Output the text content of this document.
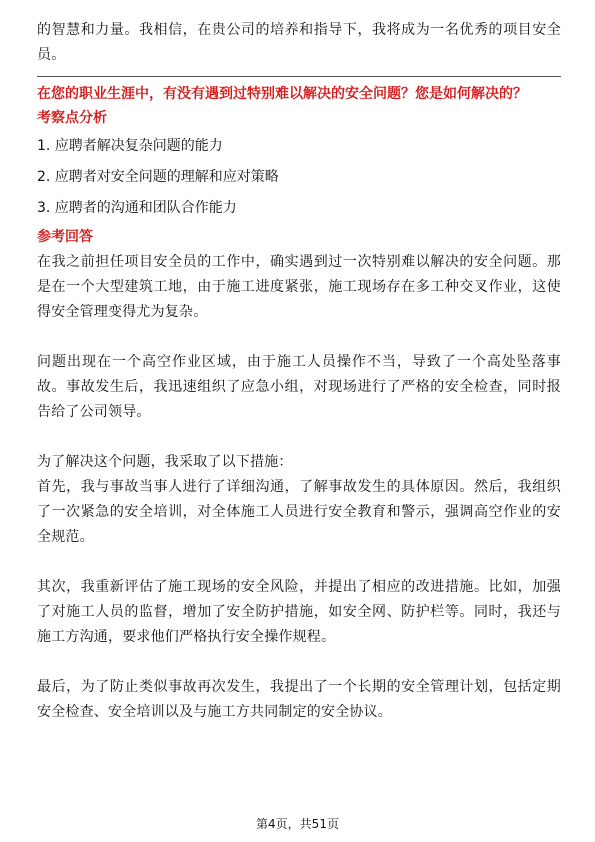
的智慧和力量。我相信，在贵公司的培养和指导下，我将成为一名优秀的项目安全员。

在您的职业生涯中，有没有遇到过特别难以解决的安全问题？您是如何解决的？

考察点分析

1. 应聘者解决复杂问题的能力
2. 应聘者对安全问题的理解和应对策略
3. 应聘者的沟通和团队合作能力

参考回答

在我之前担任项目安全员的工作中，确实遇到过一次特别难以解决的安全问题。那是在一个大型建筑工地，由于施工进度紧张，施工现场存在多工种交叉作业，这使得安全管理变得尤为复杂。

问题出现在一个高空作业区域，由于施工人员操作不当，导致了一个高处坠落事故。事故发生后，我迅速组织了应急小组，对现场进行了严格的安全检查，同时报告给了公司领导。

为了解决这个问题，我采取了以下措施：

首先，我与事故当事人进行了详细沟通，了解事故发生的具体原因。然后，我组织了一次紧急的安全培训，对全体施工人员进行安全教育和警示，强调高空作业的安全规范。

其次，我重新评估了施工现场的安全风险，并提出了相应的改进措施。比如，加强了对施工人员的监督，增加了安全防护措施，如安全网、防护栏等。同时，我还与施工方沟通，要求他们严格执行安全操作规程。

最后，为了防止类似事故再次发生，我提出了一个长期的安全管理计划，包括定期安全检查、安全培训以及与施工方共同制定的安全协议。

第4页，共51页
